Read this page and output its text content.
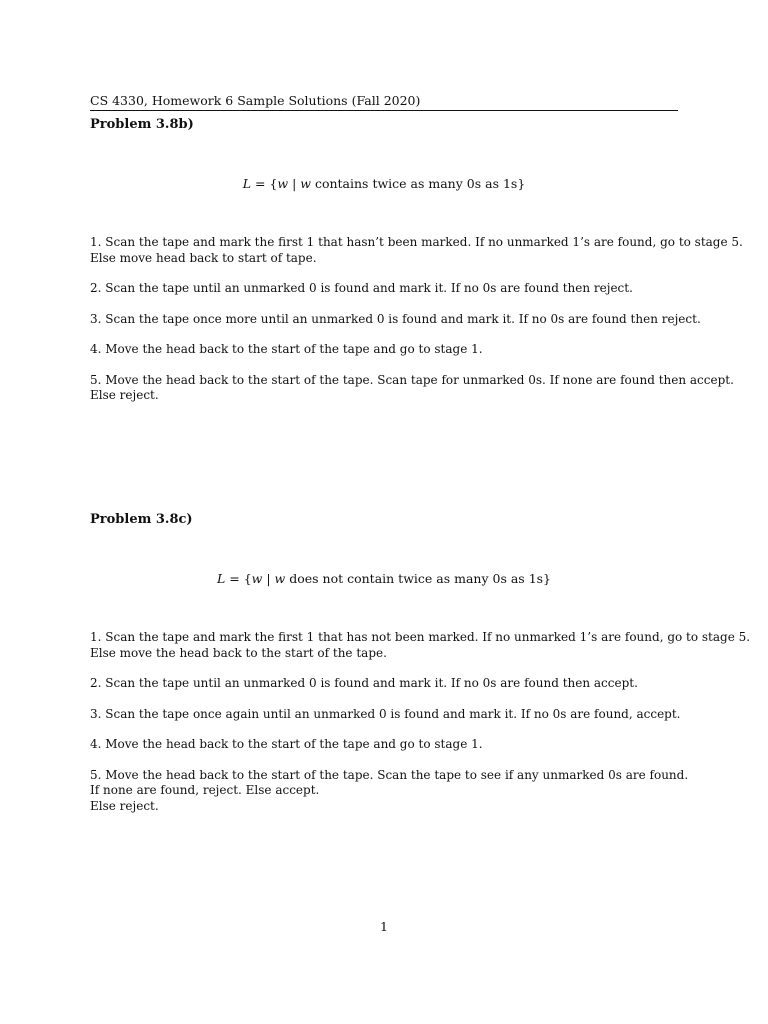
CS 4330, Homework 6 Sample Solutions (Fall 2020)
Problem 3.8b)
L = {w | w contains twice as many 0s as 1s}
1. Scan the tape and mark the first 1 that hasn’t been marked. If no unmarked 1’s are found, go to stage 5.
Else move head back to start of tape.
2. Scan the tape until an unmarked 0 is found and mark it. If no 0s are found then reject.
3. Scan the tape once more until an unmarked 0 is found and mark it. If no 0s are found then reject.
4. Move the head back to the start of the tape and go to stage 1.
5. Move the head back to the start of the tape. Scan tape for unmarked 0s. If none are found then accept.
Else reject.
Problem 3.8c)
L = {w | w does not contain twice as many 0s as 1s}
1. Scan the tape and mark the first 1 that has not been marked. If no unmarked 1’s are found, go to stage 5.
Else move the head back to the start of the tape.
2. Scan the tape until an unmarked 0 is found and mark it. If no 0s are found then accept.
3. Scan the tape once again until an unmarked 0 is found and mark it. If no 0s are found, accept.
4. Move the head back to the start of the tape and go to stage 1.
5. Move the head back to the start of the tape. Scan the tape to see if any unmarked 0s are found.
If none are found, reject. Else accept.
Else reject.
1
